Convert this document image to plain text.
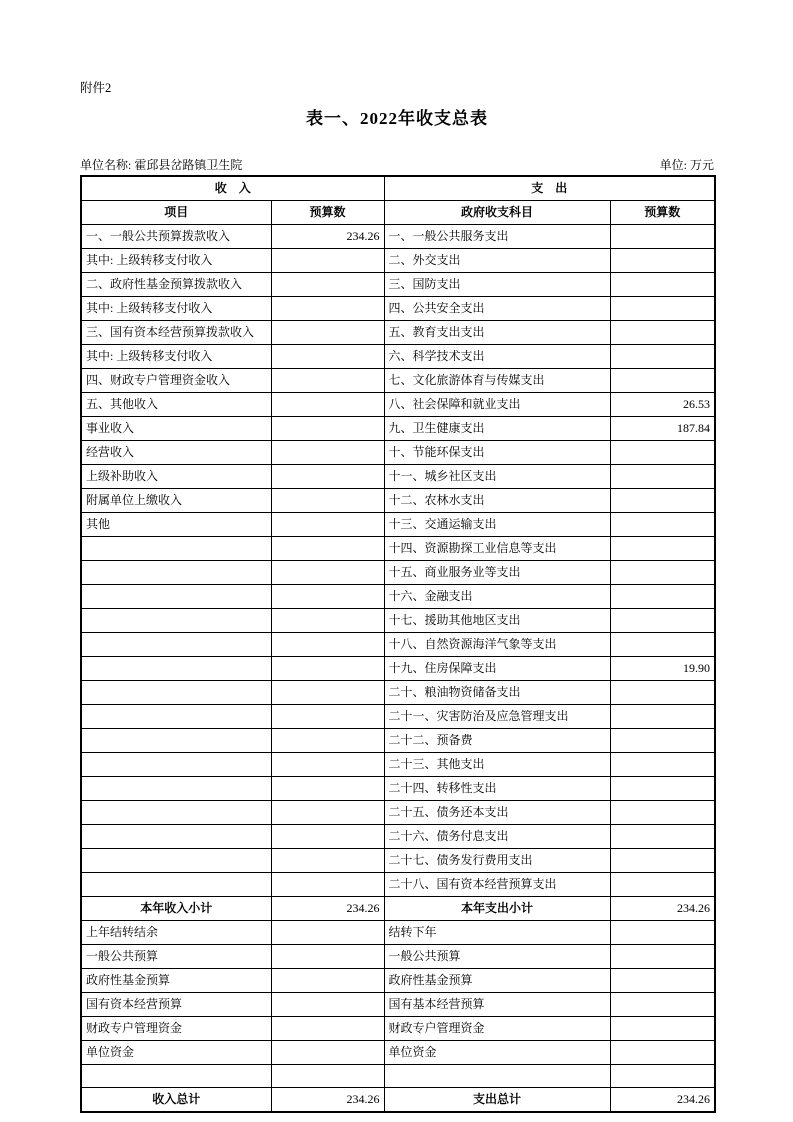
附件2
表一、2022年收支总表
单位名称: 霍邱县岔路镇卫生院	单位: 万元
收　入		支　出	
项目	预算数	政府收支科目	预算数
一、一般公共预算拨款收入	234.26	一、一般公共服务支出	
其中: 上级转移支付收入		二、外交支出	
二、政府性基金预算拨款收入		三、国防支出	
其中: 上级转移支付收入		四、公共安全支出	
三、国有资本经营预算拨款收入		五、教育支出支出	
其中: 上级转移支付收入		六、科学技术支出	
四、财政专户管理资金收入		七、文化旅游体育与传媒支出	
五、其他收入		八、社会保障和就业支出	26.53
事业收入		九、卫生健康支出	187.84
经营收入		十、节能环保支出	
上级补助收入		十一、城乡社区支出	
附属单位上缴收入		十二、农林水支出	
其他		十三、交通运输支出	
		十四、资源勘探工业信息等支出	
		十五、商业服务业等支出	
		十六、金融支出	
		十七、援助其他地区支出	
		十八、自然资源海洋气象等支出	
		十九、住房保障支出	19.90
		二十、粮油物资储备支出	
		二十一、灾害防治及应急管理支出	
		二十二、预备费	
		二十三、其他支出	
		二十四、转移性支出	
		二十五、债务还本支出	
		二十六、债务付息支出	
		二十七、债务发行费用支出	
		二十八、国有资本经营预算支出	
本年收入小计	234.26	本年支出小计	234.26
上年结转结余		结转下年	
一般公共预算		一般公共预算	
政府性基金预算		政府性基金预算	
国有资本经营预算		国有基本经营预算	
财政专户管理资金		财政专户管理资金	
单位资金		单位资金	

收入总计	234.26	支出总计	234.26
